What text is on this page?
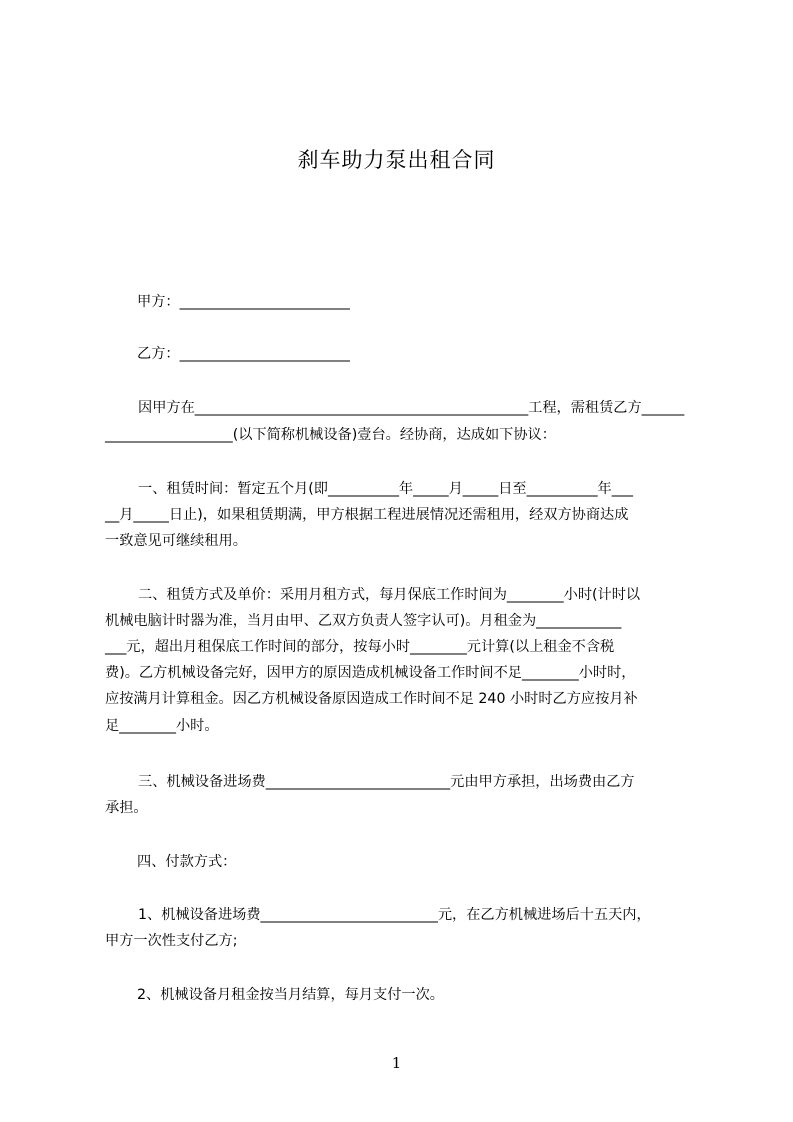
刹车助力泵出租合同
甲方：________________________
乙方：________________________
因甲方在_______________________________________________工程，需租赁乙方______
__________________(以下简称机械设备)壹台。经协商，达成如下协议：
一、租赁时间：暂定五个月(即__________年_____月_____日至__________年___
__月_____日止)，如果租赁期满，甲方根据工程进展情况还需租用，经双方协商达成
一致意见可继续租用。
二、租赁方式及单价：采用月租方式，每月保底工作时间为________小时(计时以
机械电脑计时器为准，当月由甲、乙双方负责人签字认可)。月租金为____________
___元，超出月租保底工作时间的部分，按每小时________元计算(以上租金不含税
费)。乙方机械设备完好，因甲方的原因造成机械设备工作时间不足________小时时，
应按满月计算租金。因乙方机械设备原因造成工作时间不足 240 小时时乙方应按月补
足________小时。
三、机械设备进场费__________________________元由甲方承担，出场费由乙方
承担。
四、付款方式：
1、机械设备进场费_________________________元，在乙方机械进场后十五天内，
甲方一次性支付乙方;
2、机械设备月租金按当月结算，每月支付一次。
1
